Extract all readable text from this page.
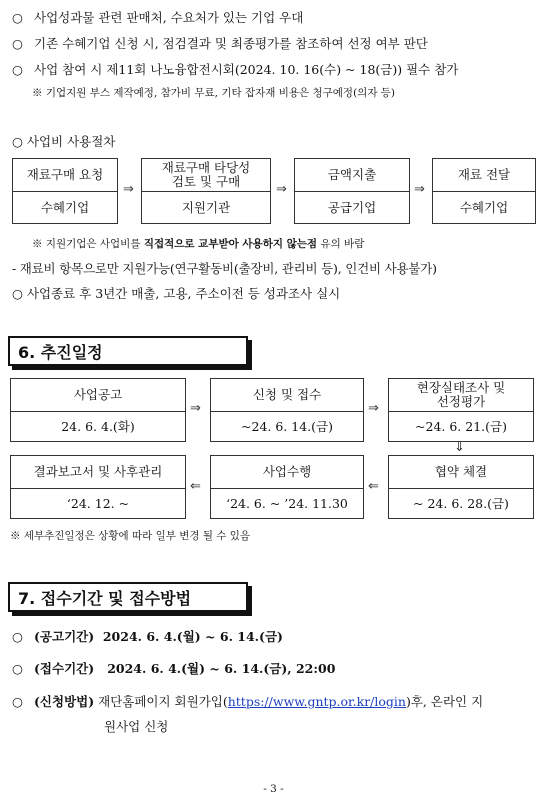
○ 사업성과물 관련 판매처, 수요처가 있는 기업 우대
○ 기존 수혜기업 신청 시, 점검결과 및 최종평가를 참조하여 선정 여부 판단
○ 사업 참여 시 제11회 나노융합전시회(2024. 10. 16(수) ~ 18(금)) 필수 참가
※ 기업지원 부스 제작예정, 참가비 무료, 기타 잡자재 비용은 청구예정(의자 등)
○ 사업비 사용절차
재료구매 요청
수혜기업
⇒
재료구매 타당성
검토 및 구매
지원기관
⇒
금액지출
공급기업
⇒
재료 전달
수혜기업
※ 지원기업은 사업비를 직접적으로 교부받아 사용하지 않는점 유의 바람
- 재료비 항목으로만 지원가능(연구활동비(출장비, 관리비 등), 인건비 사용불가)
○ 사업종료 후 3년간 매출, 고용, 주소이전 등 성과조사 실시
6. 추진일정
사업공고
24. 6. 4.(화)
⇒
신청 및 접수
~24. 6. 14.(금)
⇒
현장실태조사 및
선정평가
~24. 6. 21.(금)
⇓
결과보고서 및 사후관리
‘24. 12. ~
⇐
사업수행
‘24. 6. ~ ’24. 11.30
⇐
협약 체결
~ 24. 6. 28.(금)
※ 세부추진일정은 상황에 따라 일부 변경 될 수 있음
7. 접수기간 및 접수방법
○ (공고기간) 2024. 6. 4.(월) ~ 6. 14.(금)
○ (접수기간) 2024. 6. 4.(월) ~ 6. 14.(금), 22:00
○ (신청방법) 재단홈페이지 회원가입(https://www.gntp.or.kr/login)후, 온라인 지
원사업 신청
- 3 -
